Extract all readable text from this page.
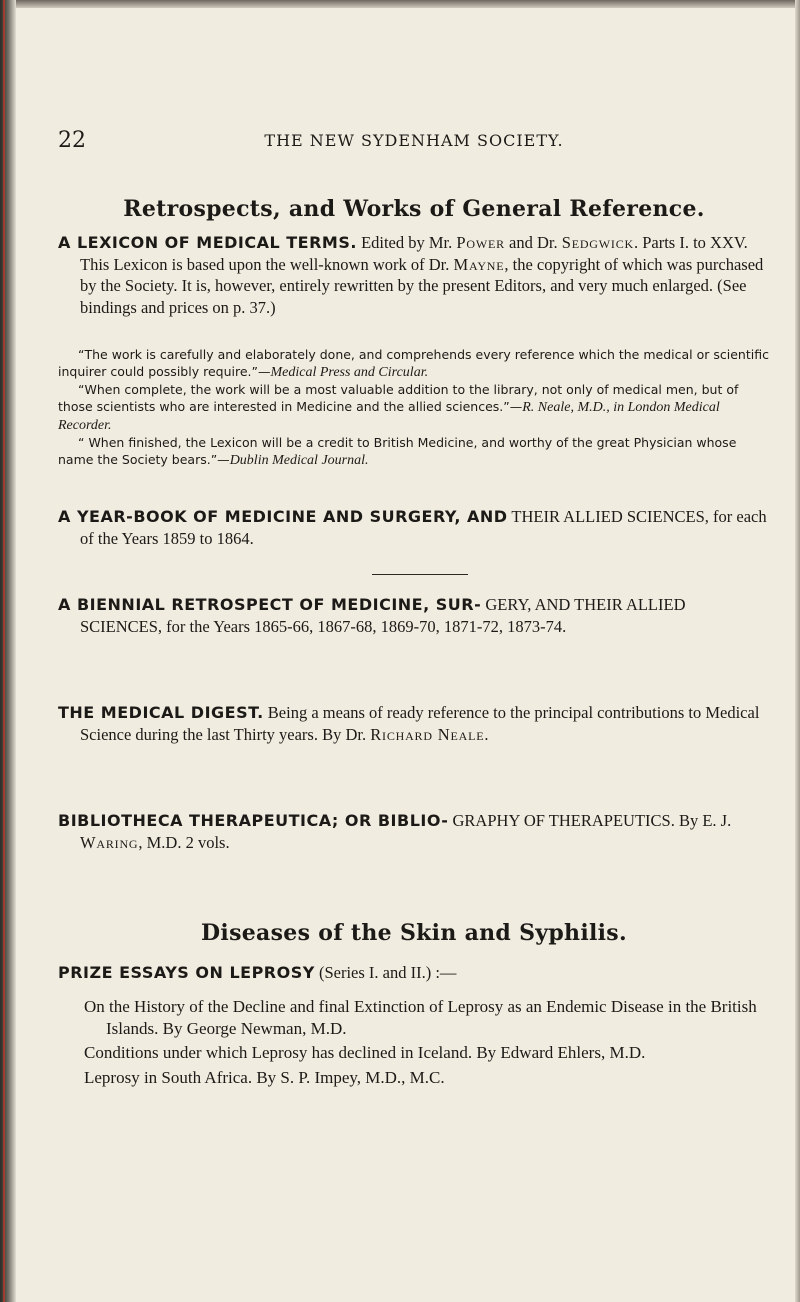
22	THE NEW SYDENHAM SOCIETY.
Retrospects, and Works of General Reference.

A LEXICON OF MEDICAL TERMS. Edited by Mr. Power and Dr. Sedgwick. Parts I. to XXV. This Lexicon is based upon the well-known work of Dr. Mayne, the copyright of which was purchased by the Society. It is, however, entirely rewritten by the present Editors, and very much enlarged. (See bindings and prices on p. 37.)

“The work is carefully and elaborately done, and comprehends every reference which the medical or scientific inquirer could possibly require.”—Medical Press and Circular.

“When complete, the work will be a most valuable addition to the library, not only of medical men, but of those scientists who are interested in Medicine and the allied sciences.”—R. Neale, M.D., in London Medical Recorder.

“ When finished, the Lexicon will be a credit to British Medicine, and worthy of the great Physician whose name the Society bears.”—Dublin Medical Journal.

A YEAR-BOOK OF MEDICINE AND SURGERY, AND THEIR ALLIED SCIENCES, for each of the Years 1859 to 1864.

A BIENNIAL RETROSPECT OF MEDICINE, SUR- GERY, AND THEIR ALLIED SCIENCES, for the Years 1865-66, 1867-68, 1869-70, 1871-72, 1873-74.

THE MEDICAL DIGEST. Being a means of ready reference to the principal contributions to Medical Science during the last Thirty years. By Dr. Richard Neale.

BIBLIOTHECA THERAPEUTICA; OR BIBLIO- GRAPHY OF THERAPEUTICS. By E. J. Waring, M.D. 2 vols.

Diseases of the Skin and Syphilis.

PRIZE ESSAYS ON LEPROSY (Series I. and II.) :—

On the History of the Decline and final Extinction of Leprosy as an Endemic Disease in the British Islands. By George Newman, M.D.

Conditions under which Leprosy has declined in Iceland. By Edward Ehlers, M.D.

Leprosy in South Africa. By S. P. Impey, M.D., M.C.
